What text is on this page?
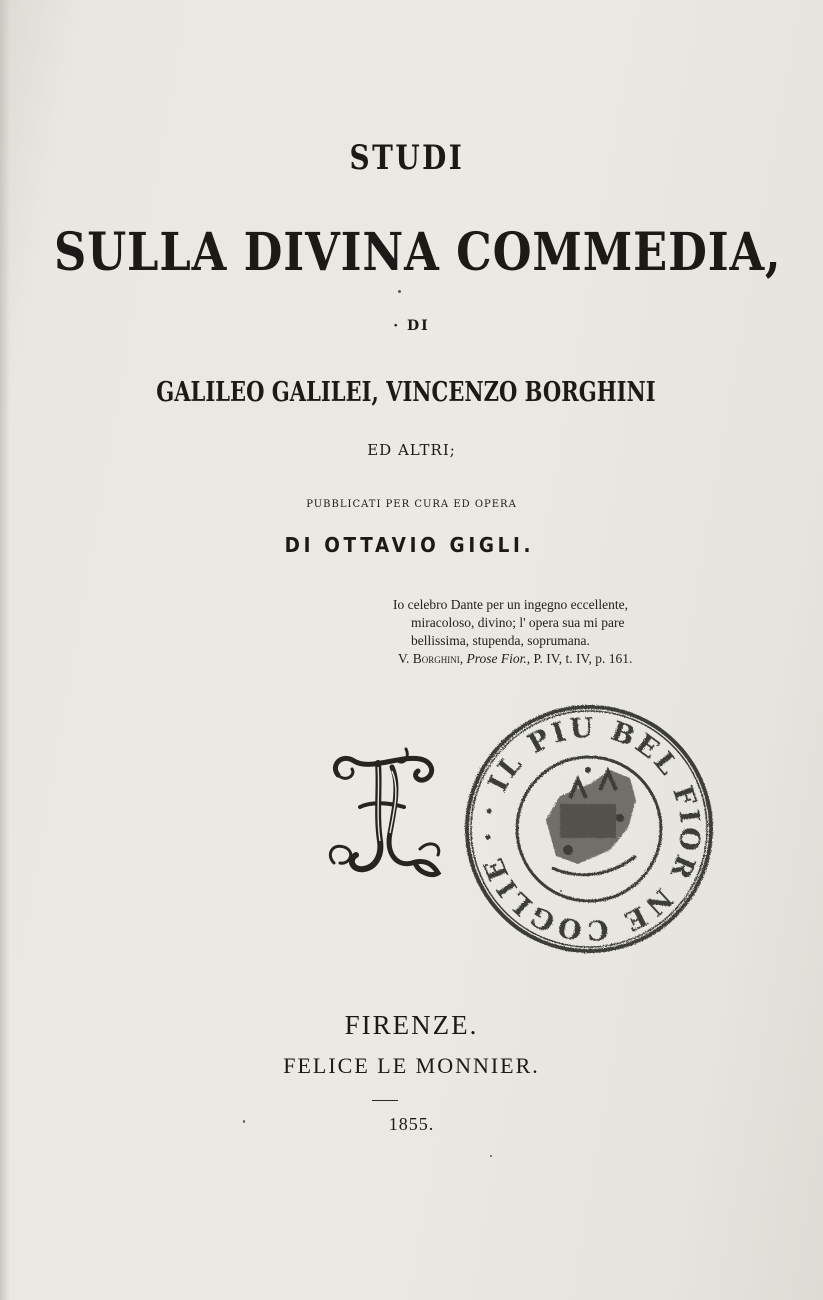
STUDI
SULLA DIVINA COMMEDIA,
· DI
GALILEO GALILEI, VINCENZO BORGHINI
ED ALTRI;
PUBBLICATI PER CURA ED OPERA
DI OTTAVIO GIGLI.
Io celebro Dante per un ingegno eccellente,
miracoloso, divino; l' opera sua mi pare
bellissima, stupenda, soprumana.
V. Borghini, Prose Fior., P. IV, t. IV, p. 161.
· IL PIU BEL FIOR NE COGLIE ·
FIRENZE.
FELICE LE MONNIER.
1855.
